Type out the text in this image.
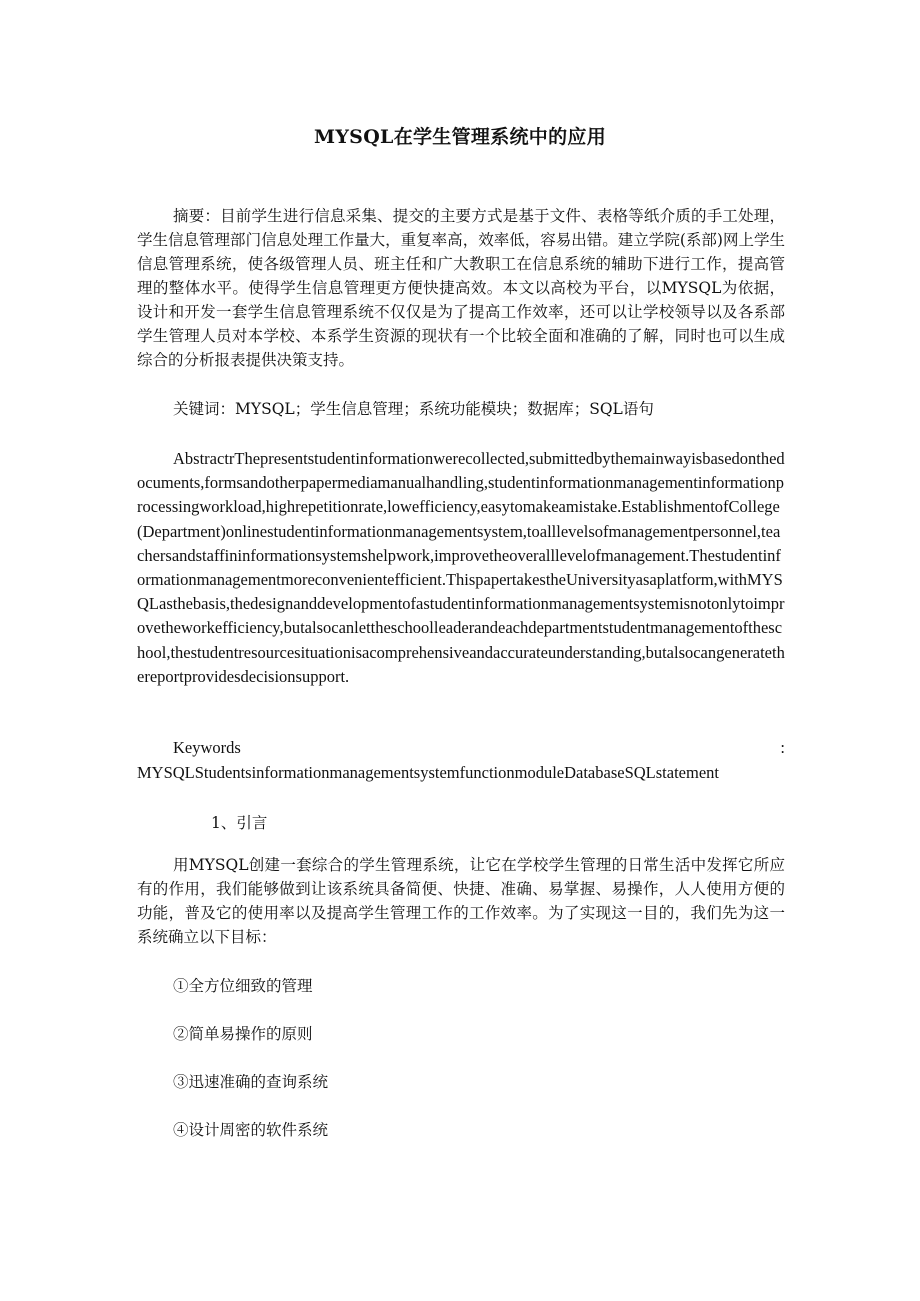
MYSQL在学生管理系统中的应用

摘要：目前学生进行信息采集、提交的主要方式是基于文件、表格等纸介质的手工处理，学生信息管理部门信息处理工作量大，重复率高，效率低，容易出错。建立学院(系部)网上学生信息管理系统，使各级管理人员、班主任和广大教职工在信息系统的辅助下进行工作，提高管理的整体水平。使得学生信息管理更方便快捷高效。本文以高校为平台，以MYSQL为依据，设计和开发一套学生信息管理系统不仅仅是为了提高工作效率，还可以让学校领导以及各系部学生管理人员对本学校、本系学生资源的现状有一个比较全面和准确的了解，同时也可以生成综合的分析报表提供决策支持。

关键词：MYSQL；学生信息管理；系统功能模块；数据库；SQL语句

AbstractrThepresentstudentinformationwerecollected,submittedbythemainwayisbasedonthedocuments,formsandotherpapermediamanualhandling,studentinformationmanagementinformationprocessingworkload,highrepetitionrate,lowefficiency,easytomakeamistake.EstablishmentofCollege(Department)onlinestudentinformationmanagementsystem,toalllevelsofmanagementpersonnel,teachersandstaffininformationsystemshelpwork,improvetheoveralllevelofmanagement.Thestudentinformationmanagementmoreconvenientefficient.ThispapertakestheUniversityasaplatform,withMYSQLasthebasis,thedesignanddevelopmentofastudentinformationmanagementsystemisnotonlytoimprovetheworkefficiency,butalsocanlettheschoolleaderandeachdepartmentstudentmanagementoftheschool,thestudentresourcesituationisacomprehensiveandaccurateunderstanding,butalsocangeneratethereportprovidesdecisionsupport.

Keywords	:
MYSQLStudentsinformationmanagementsystemfunctionmoduleDatabaseSQLstatement
1、引言

用MYSQL创建一套综合的学生管理系统，让它在学校学生管理的日常生活中发挥它所应有的作用，我们能够做到让该系统具备简便、快捷、准确、易掌握、易操作，人人使用方便的功能，普及它的使用率以及提高学生管理工作的工作效率。为了实现这一目的，我们先为这一系统确立以下目标：

①全方位细致的管理
②简单易操作的原则
③迅速准确的查询系统
④设计周密的软件系统
